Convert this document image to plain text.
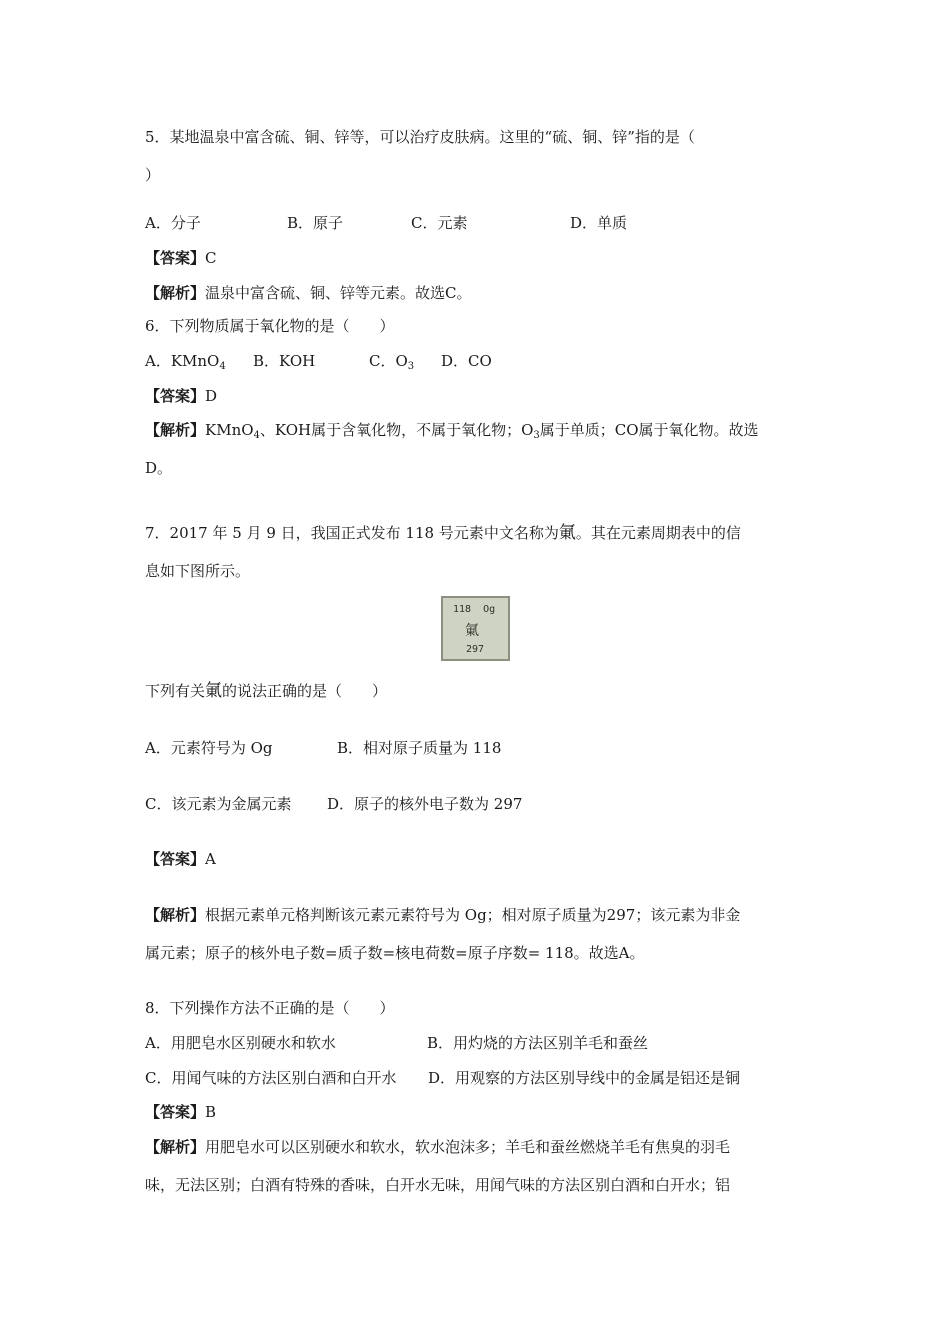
5．某地温泉中富含硫、铜、锌等，可以治疗皮肤病。这里的“硫、铜、锌”指的是（
）
A．分子	B．原子	C．元素	D．单质
【答案】C
【解析】温泉中富含硫、铜、锌等元素。故选C。
6．下列物质属于氧化物的是（　　）
A．KMnO$_4$ B．KOH	C．$O_3$ D．CO
【答案】D
【解析】KMnO$_4$、KOH属于含氧化物，不属于氧化物；$O_3$属于单质；CO属于氧化物。故选
D。
7．2017 年 5 月 9 日，我国正式发布 118 号元素中文名称为氭。其在元素周期表中的信
息如下图所示。
118 Og
氭
297
下列有关氭的说法正确的是（　　）
A．元素符号为 Og	B．相对原子质量为 118
C．该元素为金属元素 D．原子的核外电子数为 297
【答案】A
【解析】根据元素单元格判断该元素元素符号为 Og；相对原子质量为297；该元素为非金
属元素；原子的核外电子数=质子数=核电荷数=原子序数= 118。故选A。
8．下列操作方法不正确的是（　　）
A．用肥皂水区别硬水和软水	B．用灼烧的方法区别羊毛和蚕丝
C．用闻气味的方法区别白酒和白开水 D．用观察的方法区别导线中的金属是铝还是铜
【答案】B
【解析】用肥皂水可以区别硬水和软水，软水泡沫多；羊毛和蚕丝燃烧羊毛有焦臭的羽毛
味，无法区别；白酒有特殊的香味，白开水无味，用闻气味的方法区别白酒和白开水；铝
